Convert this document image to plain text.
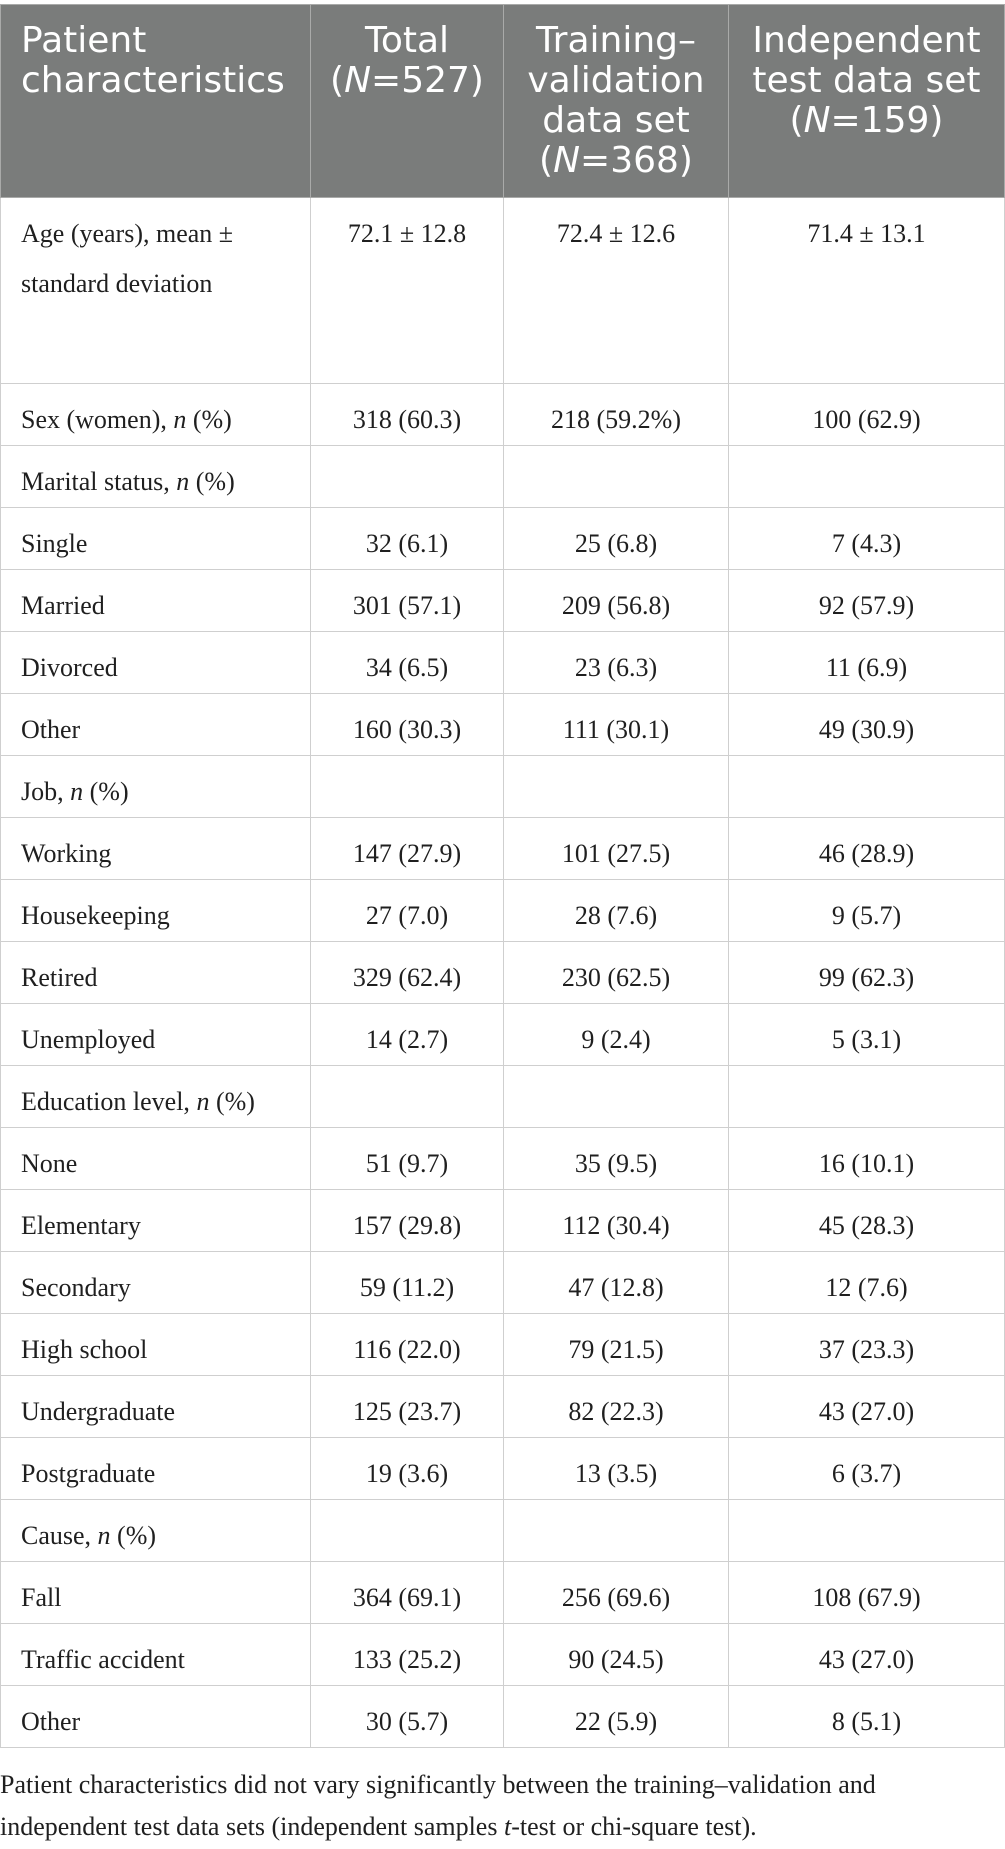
Patient characteristics	Total (N=527)	Training–validation data set (N=368)	Independent test data set (N=159)
Age (years), mean ± standard deviation	72.1 ± 12.8	72.4 ± 12.6	71.4 ± 13.1
Sex (women), n (%)	318 (60.3)	218 (59.2%)	100 (62.9)
Marital status, n (%)			
Single	32 (6.1)	25 (6.8)	7 (4.3)
Married	301 (57.1)	209 (56.8)	92 (57.9)
Divorced	34 (6.5)	23 (6.3)	11 (6.9)
Other	160 (30.3)	111 (30.1)	49 (30.9)
Job, n (%)			
Working	147 (27.9)	101 (27.5)	46 (28.9)
Housekeeping	27 (7.0)	28 (7.6)	9 (5.7)
Retired	329 (62.4)	230 (62.5)	99 (62.3)
Unemployed	14 (2.7)	9 (2.4)	5 (3.1)
Education level, n (%)			
None	51 (9.7)	35 (9.5)	16 (10.1)
Elementary	157 (29.8)	112 (30.4)	45 (28.3)
Secondary	59 (11.2)	47 (12.8)	12 (7.6)
High school	116 (22.0)	79 (21.5)	37 (23.3)
Undergraduate	125 (23.7)	82 (22.3)	43 (27.0)
Postgraduate	19 (3.6)	13 (3.5)	6 (3.7)
Cause, n (%)			
Fall	364 (69.1)	256 (69.6)	108 (67.9)
Traffic accident	133 (25.2)	90 (24.5)	43 (27.0)
Other	30 (5.7)	22 (5.9)	8 (5.1)

Patient characteristics did not vary significantly between the training–validation and independent test data sets (independent samples t-test or chi-square test).
